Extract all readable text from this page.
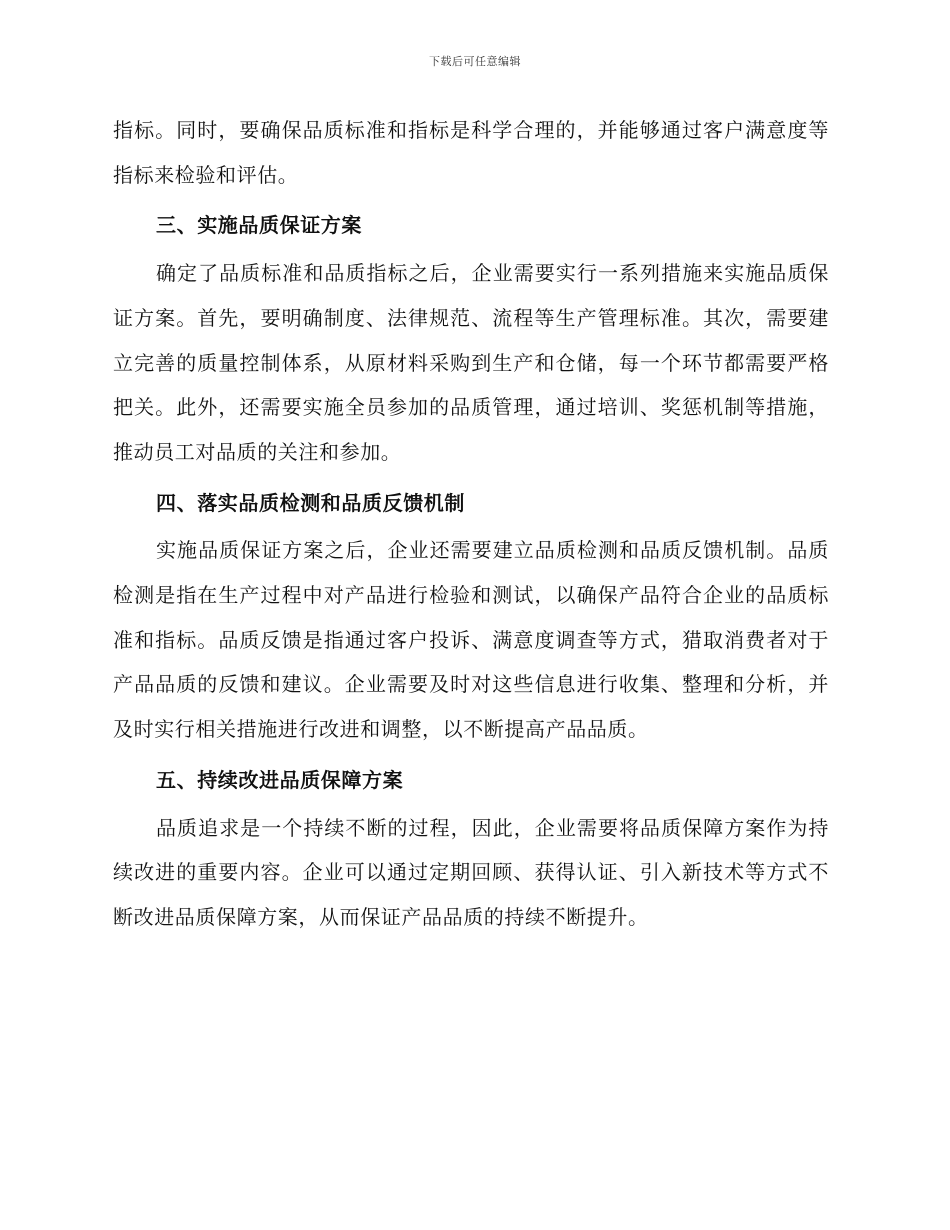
下载后可任意编辑

指标。同时，要确保品质标准和指标是科学合理的，并能够通过客户满意度等指标来检验和评估。

三、实施品质保证方案

确定了品质标准和品质指标之后，企业需要实行一系列措施来实施品质保证方案。首先，要明确制度、法律规范、流程等生产管理标准。其次，需要建立完善的质量控制体系，从原材料采购到生产和仓储，每一个环节都需要严格把关。此外，还需要实施全员参加的品质管理，通过培训、奖惩机制等措施，推动员工对品质的关注和参加。

四、落实品质检测和品质反馈机制

实施品质保证方案之后，企业还需要建立品质检测和品质反馈机制。品质检测是指在生产过程中对产品进行检验和测试，以确保产品符合企业的品质标准和指标。品质反馈是指通过客户投诉、满意度调查等方式，猎取消费者对于产品品质的反馈和建议。企业需要及时对这些信息进行收集、整理和分析，并及时实行相关措施进行改进和调整，以不断提高产品品质。

五、持续改进品质保障方案

品质追求是一个持续不断的过程，因此，企业需要将品质保障方案作为持续改进的重要内容。企业可以通过定期回顾、获得认证、引入新技术等方式不断改进品质保障方案，从而保证产品品质的持续不断提升。
